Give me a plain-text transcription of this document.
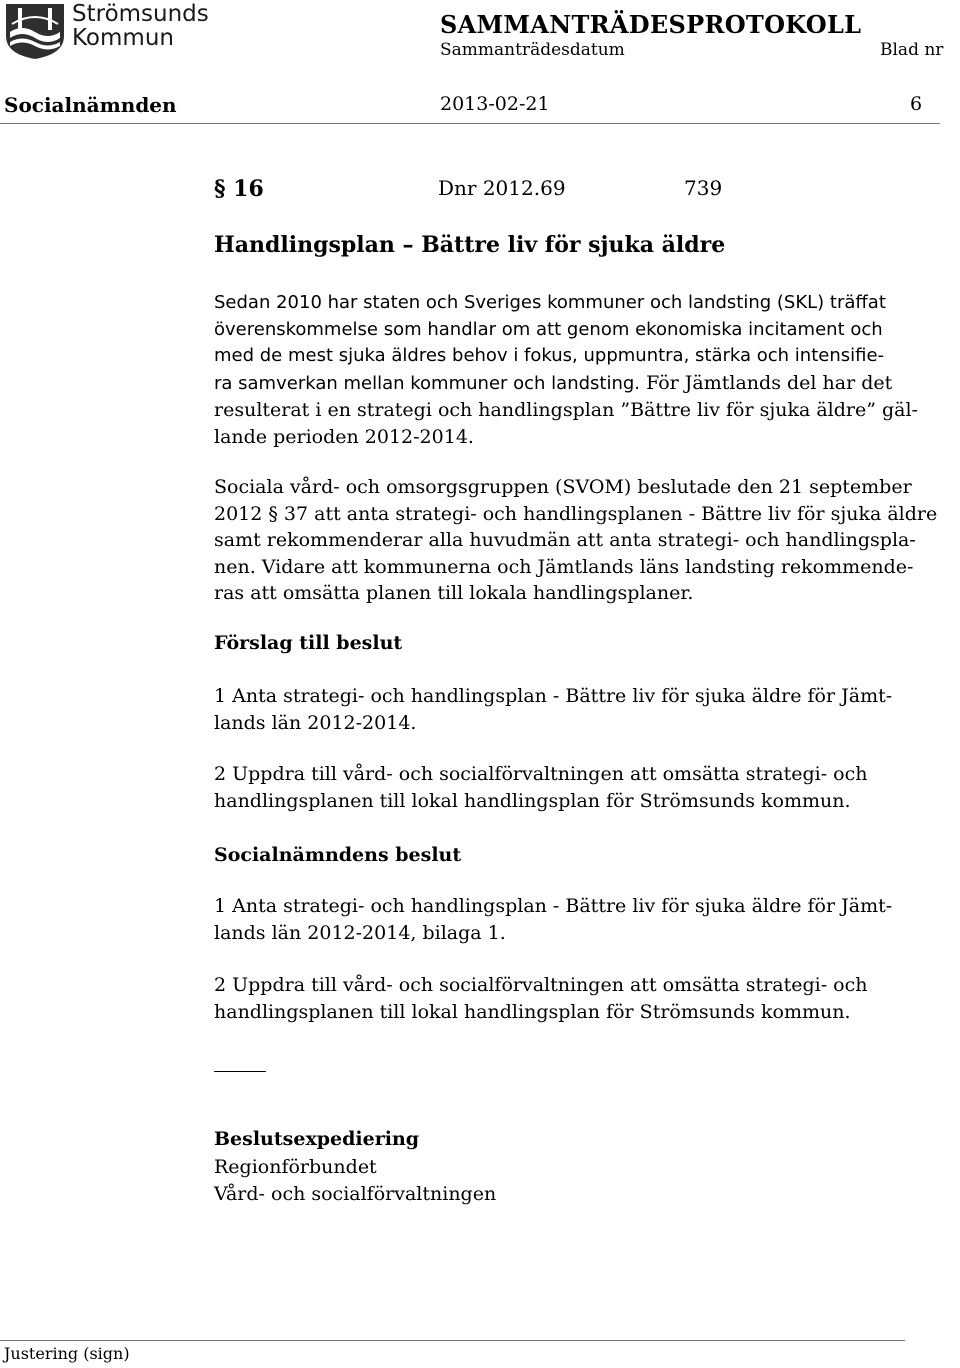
Strömsunds
Kommun	SAMMANTRÄDESPROTOKOLL
Sammanträdesdatum	Blad nr
Socialnämnden	2013-02-21	6
§ 16	Dnr 2012.69	739
Handlingsplan – Bättre liv för sjuka äldre
Sedan 2010 har staten och Sveriges kommuner och landsting (SKL) träffat
överenskommelse som handlar om att genom ekonomiska incitament och
med de mest sjuka äldres behov i fokus, uppmuntra, stärka och intensifie-
ra samverkan mellan kommuner och landsting. För Jämtlands del har det
resulterat i en strategi och handlingsplan ”Bättre liv för sjuka äldre” gäl-
lande perioden 2012-2014.
Sociala vård- och omsorgsgruppen (SVOM) beslutade den 21 september
2012 § 37 att anta strategi- och handlingsplanen - Bättre liv för sjuka äldre
samt rekommenderar alla huvudmän att anta strategi- och handlingspla-
nen. Vidare att kommunerna och Jämtlands läns landsting rekommende-
ras att omsätta planen till lokala handlingsplaner.
Förslag till beslut
1 Anta strategi- och handlingsplan - Bättre liv för sjuka äldre för Jämt-
lands län 2012-2014.
2 Uppdra till vård- och socialförvaltningen att omsätta strategi- och
handlingsplanen till lokal handlingsplan för Strömsunds kommun.
Socialnämndens beslut
1 Anta strategi- och handlingsplan - Bättre liv för sjuka äldre för Jämt-
lands län 2012-2014, bilaga 1.
2 Uppdra till vård- och socialförvaltningen att omsätta strategi- och
handlingsplanen till lokal handlingsplan för Strömsunds kommun.
Beslutsexpediering
Regionförbundet
Vård- och socialförvaltningen
Justering (sign)
